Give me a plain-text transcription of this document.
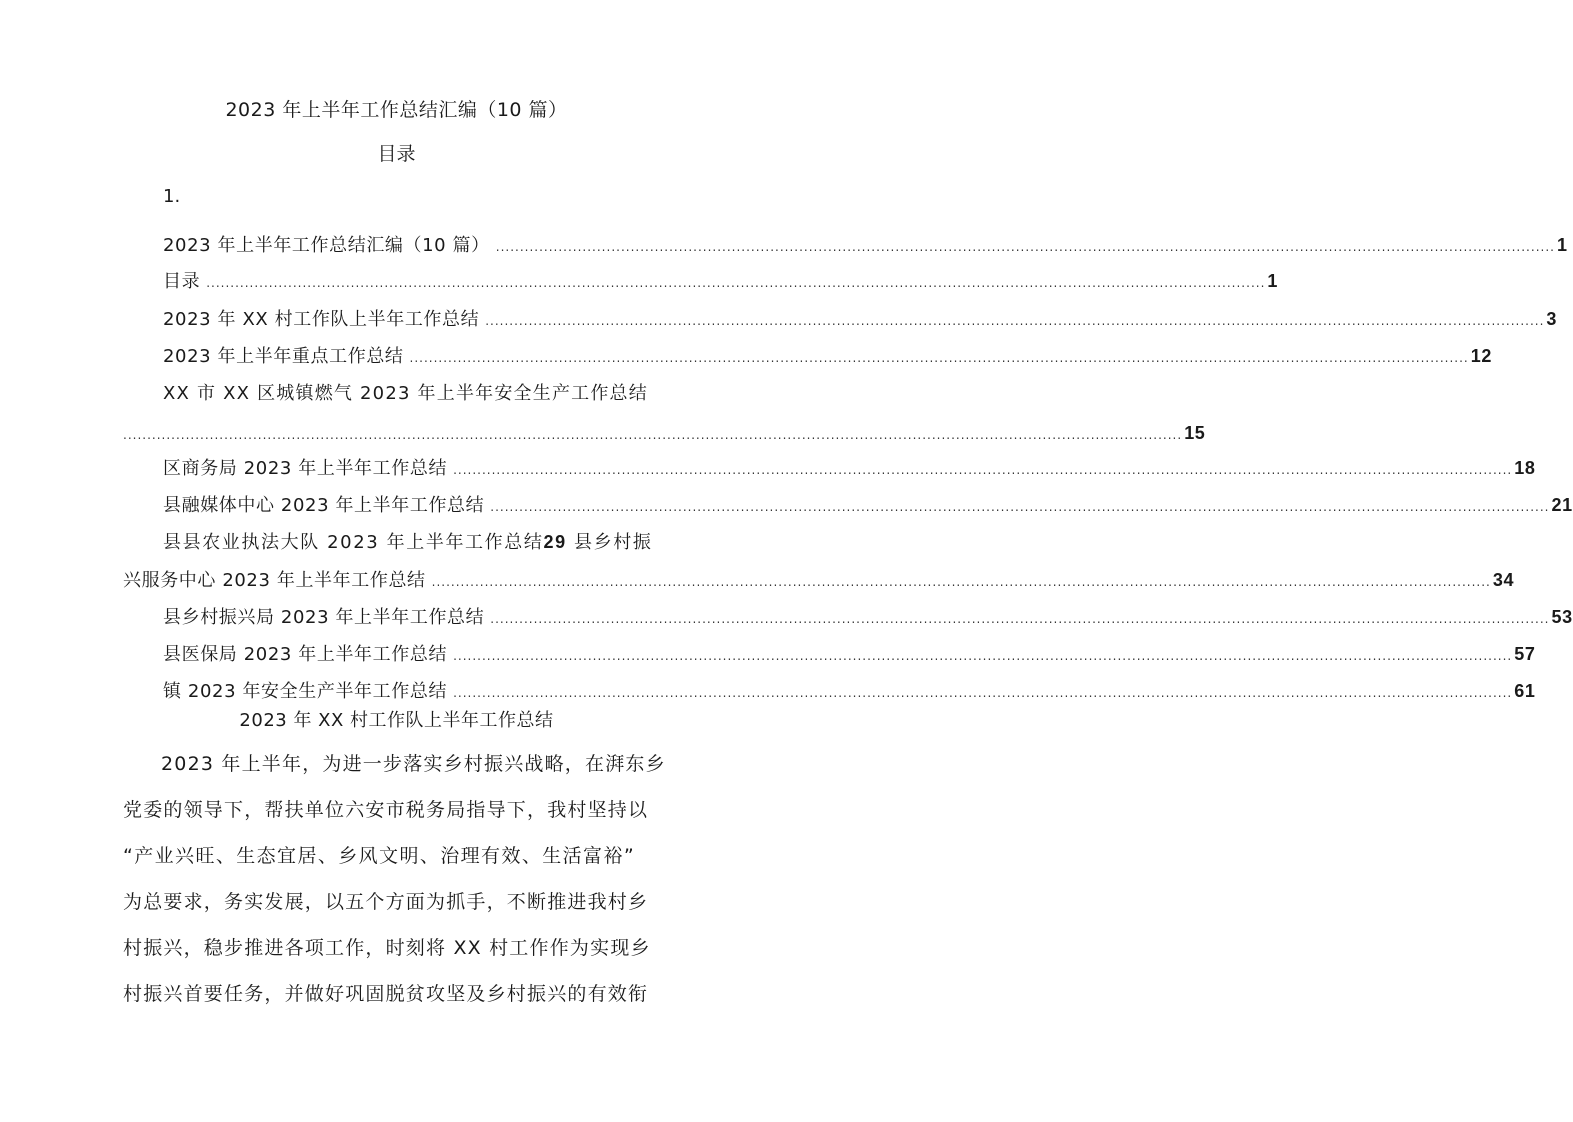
2023 年上半年工作总结汇编（10 篇）
目录
1.
2023 年上半年工作总结汇编（10 篇） ............................................................................................................................................................................................................................ 1
目录 ............................................................................................................................................................................................................................ 1
2023 年 XX 村工作队上半年工作总结 ............................................................................................................................................................................................................................ 3
2023 年上半年重点工作总结 ............................................................................................................................................................................................................................ 12
XX 市 XX 区城镇燃气 2023 年上半年安全生产工作总结
............................................................................................................................................................................................................................ 15
区商务局 2023 年上半年工作总结 ............................................................................................................................................................................................................................ 18
县融媒体中心 2023 年上半年工作总结 ............................................................................................................................................................................................................................ 21
县县农业执法大队 2023 年上半年工作总结29 县乡村振
兴服务中心 2023 年上半年工作总结 ............................................................................................................................................................................................................................ 34
县乡村振兴局 2023 年上半年工作总结 ............................................................................................................................................................................................................................ 53
县医保局 2023 年上半年工作总结 ............................................................................................................................................................................................................................ 57
镇 2023 年安全生产半年工作总结 ............................................................................................................................................................................................................................ 61
2023 年 XX 村工作队上半年工作总结
2023 年上半年，为进一步落实乡村振兴战略，在湃东乡
党委的领导下，帮扶单位六安市税务局指导下，我村坚持以
“产业兴旺、生态宜居、乡风文明、治理有效、生活富裕”
为总要求，务实发展，以五个方面为抓手，不断推进我村乡
村振兴，稳步推进各项工作，时刻将 XX 村工作作为实现乡
村振兴首要任务，并做好巩固脱贫攻坚及乡村振兴的有效衔
